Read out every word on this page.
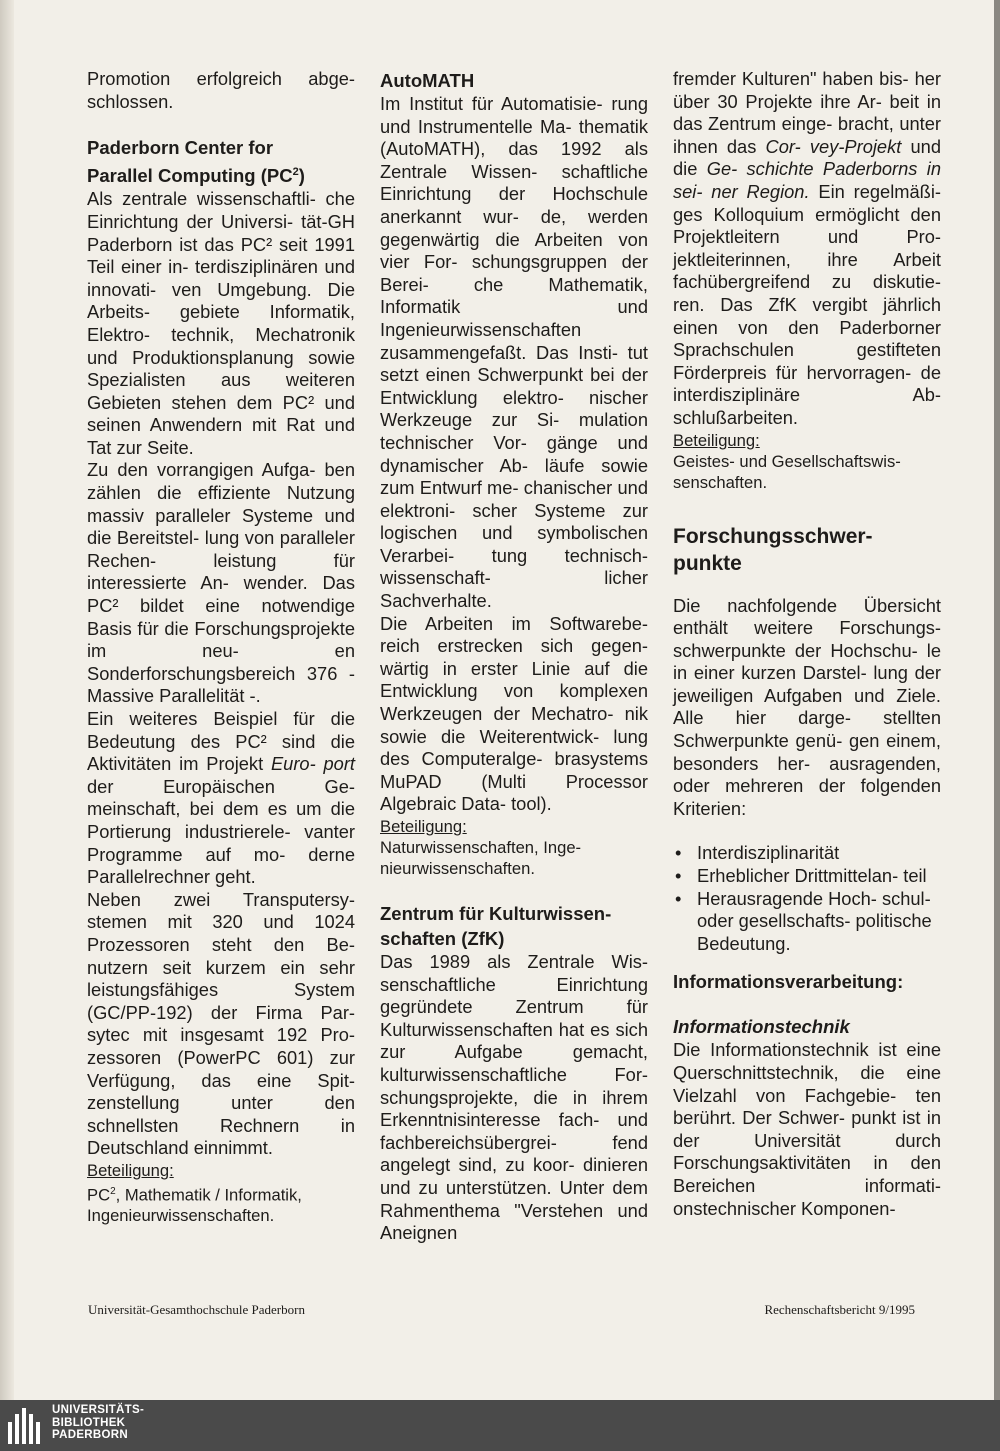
Promotion erfolgreich abge- schlossen.

Paderborn Center for
Parallel Computing $(PC^2)$

Als zentrale wissenschaftli- che Einrichtung der Universi- tät-GH Paderborn ist das PC² seit 1991 Teil einer in- terdisziplinären und innovati- ven Umgebung. Die Arbeits- gebiete Informatik, Elektro- technik, Mechatronik und Produktionsplanung sowie Spezialisten aus weiteren Gebieten stehen dem PC² und seinen Anwendern mit Rat und Tat zur Seite.

Zu den vorrangigen Aufga- ben zählen die effiziente Nutzung massiv paralleler Systeme und die Bereitstel- lung von paralleler Rechen- leistung für interessierte An- wender. Das PC² bildet eine notwendige Basis für die Forschungsprojekte im neu- en Sonderforschungsbereich 376 - Massive Parallelität -.

Ein weiteres Beispiel für die Bedeutung des PC² sind die Aktivitäten im Projekt Euro- port der Europäischen Ge- meinschaft, bei dem es um die Portierung industrierele- vanter Programme auf mo- derne Parallelrechner geht.

Neben zwei Transputersy- stemen mit 320 und 1024 Prozessoren steht den Be- nutzern seit kurzem ein sehr leistungsfähiges System (GC/PP-192) der Firma Par- sytec mit insgesamt 192 Pro- zessoren (PowerPC 601) zur Verfügung, das eine Spit- zenstellung unter den schnellsten Rechnern in Deutschland einnimmt.

Beteiligung:
$PC^2$, Mathematik / Informatik, Ingenieurwissenschaften.
AutoMATH

Im Institut für Automatisie- rung und Instrumentelle Ma- thematik (AutoMATH), das 1992 als Zentrale Wissen- schaftliche Einrichtung der Hochschule anerkannt wur- de, werden gegenwärtig die Arbeiten von vier For- schungsgruppen der Berei- che Mathematik, Informatik und Ingenieurwissenschaften zusammengefaßt. Das Insti- tut setzt einen Schwerpunkt bei der Entwicklung elektro- nischer Werkzeuge zur Si- mulation technischer Vor- gänge und dynamischer Ab- läufe sowie zum Entwurf me- chanischer und elektroni- scher Systeme zur logischen und symbolischen Verarbei- tung technisch-wissenschaft- licher Sachverhalte.

Die Arbeiten im Softwarebe- reich erstrecken sich gegen- wärtig in erster Linie auf die Entwicklung von komplexen Werkzeugen der Mechatro- nik sowie die Weiterentwick- lung des Computeralge- brasystems MuPAD (Multi Processor Algebraic Data- tool).

Beteiligung:
Naturwissenschaften, Inge- nieurwissenschaften.
Zentrum für Kulturwissen- schaften (ZfK)

Das 1989 als Zentrale Wis- senschaftliche Einrichtung gegründete Zentrum für Kulturwissenschaften hat es sich zur Aufgabe gemacht, kulturwissenschaftliche For- schungsprojekte, die in ihrem Erkenntnisinteresse fach- und fachbereichsübergrei- fend angelegt sind, zu koor- dinieren und zu unterstützen. Unter dem Rahmenthema "Verstehen und Aneignen

fremder Kulturen" haben bis- her über 30 Projekte ihre Ar- beit in das Zentrum einge- bracht, unter ihnen das Cor- vey-Projekt und die Ge- schichte Paderborns in sei- ner Region. Ein regelmäßi- ges Kolloquium ermöglicht den Projektleitern und Pro- jektleiterinnen, ihre Arbeit fachübergreifend zu diskutie- ren. Das ZfK vergibt jährlich einen von den Paderborner Sprachschulen gestifteten Förderpreis für hervorragen- de interdisziplinäre Ab- schlußarbeiten.

Beteiligung:
Geistes- und Gesellschaftswis- senschaften.

Forschungsschwer- punkte

Die nachfolgende Übersicht enthält weitere Forschungs- schwerpunkte der Hochschu- le in einer kurzen Darstel- lung der jeweiligen Aufgaben und Ziele. Alle hier darge- stellten Schwerpunkte genü- gen einem, besonders her- ausragenden, oder mehreren der folgenden Kriterien:

• Interdisziplinarität
• Erheblicher Drittmittelan- teil
• Herausragende Hoch- schul- oder gesellschafts- politische Bedeutung.
Informationsverarbeitung:
Informationstechnik

Die Informationstechnik ist eine Querschnittstechnik, die eine Vielzahl von Fachgebie- ten berührt. Der Schwer- punkt ist in der Universität durch Forschungsaktivitäten in den Bereichen informati- onstechnischer Komponen-

Universität-Gesamthochschule Paderborn	Rechenschaftsbericht 9/1995
UNIVERSITÄTS-
BIBLIOTHEK
PADERBORN
